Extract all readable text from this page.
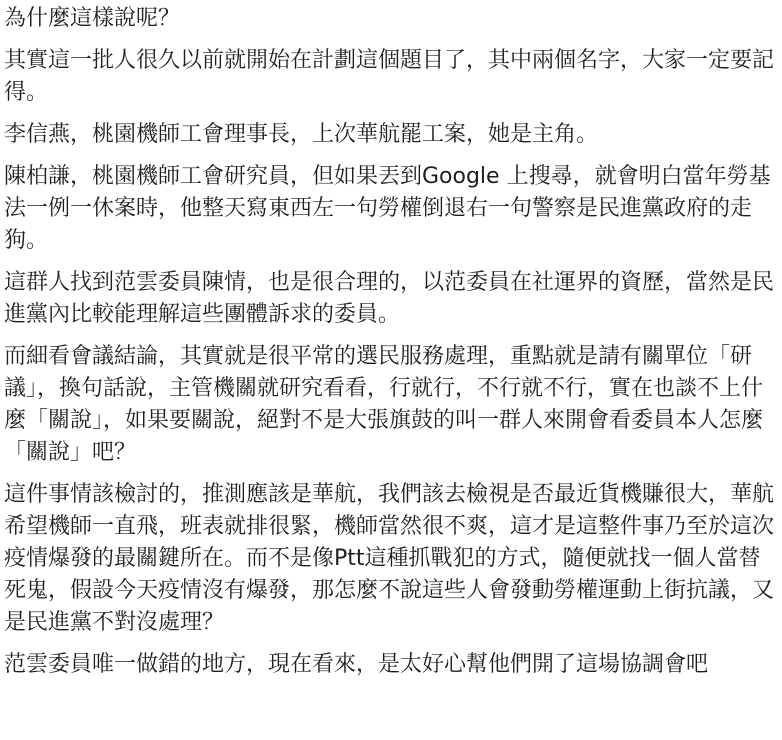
為什麼這樣說呢？

其實這一批人很久以前就開始在計劃這個題目了，其中兩個名字，大家一定要記得。

李信燕，桃園機師工會理事長，上次華航罷工案，她是主角。

陳柏謙，桃園機師工會研究員，但如果丟到Google 上搜尋，就會明白當年勞基法一例一休案時，他整天寫東西左一句勞權倒退右一句警察是民進黨政府的走狗。

這群人找到范雲委員陳情，也是很合理的，以范委員在社運界的資歷，當然是民進黨內比較能理解這些團體訴求的委員。

而細看會議結論，其實就是很平常的選民服務處理，重點就是請有關單位「研議」，換句話說，主管機關就研究看看，行就行，不行就不行，實在也談不上什麼「關說」，如果要關說，絕對不是大張旗鼓的叫一群人來開會看委員本人怎麼「關說」吧？

這件事情該檢討的，推測應該是華航，我們該去檢視是否最近貨機賺很大，華航希望機師一直飛，班表就排很緊，機師當然很不爽，這才是這整件事乃至於這次疫情爆發的最關鍵所在。而不是像Ptt這種抓戰犯的方式，隨便就找一個人當替死鬼，假設今天疫情沒有爆發，那怎麼不說這些人會發動勞權運動上街抗議，又是民進黨不對沒處理？

范雲委員唯一做錯的地方，現在看來，是太好心幫他們開了這場協調會吧
